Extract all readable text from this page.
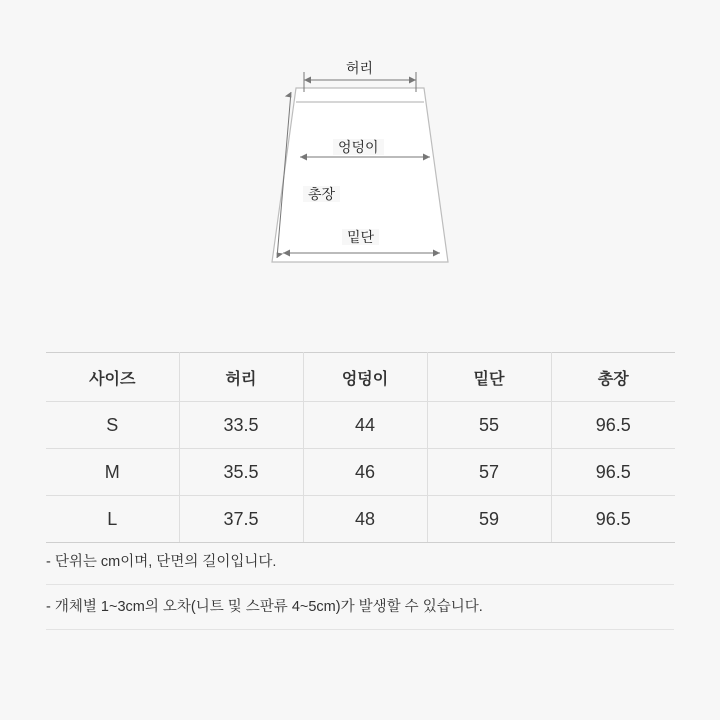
허리
엉덩이
밑단
총장
사이즈	허리	엉덩이	밑단	총장
S	33.5	44	55	96.5
M	35.5	46	57	96.5
L	37.5	48	59	96.5
- 단위는 cm이며, 단면의 길이입니다.
- 개체별 1~3cm의 오차(니트 및 스판류 4~5cm)가 발생할 수 있습니다.
